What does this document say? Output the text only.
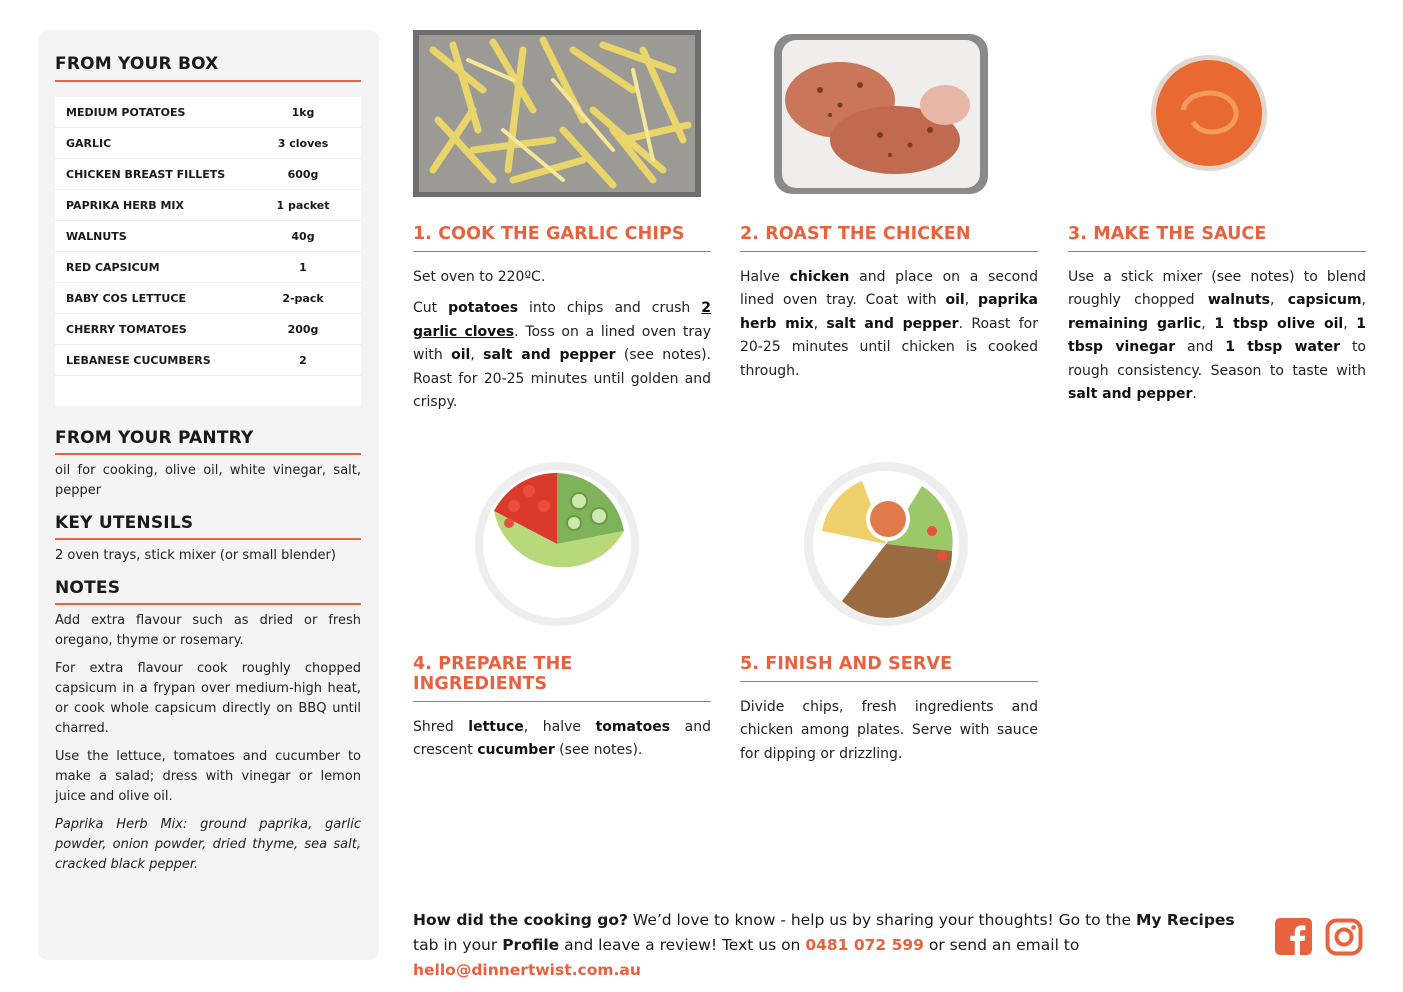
FROM YOUR BOX
MEDIUM POTATOES	1kg
GARLIC	3 cloves
CHICKEN BREAST FILLETS	600g
PAPRIKA HERB MIX	1 packet
WALNUTS	40g
RED CAPSICUM	1
BABY COS LETTUCE	2-pack
CHERRY TOMATOES	200g
LEBANESE CUCUMBERS	2
FROM YOUR PANTRY

oil for cooking, olive oil, white vinegar, salt, pepper

KEY UTENSILS

2 oven trays, stick mixer (or small blender)

NOTES

Add extra flavour such as dried or fresh oregano, thyme or rosemary.

For extra flavour cook roughly chopped capsicum in a frypan over medium-high heat, or cook whole capsicum directly on BBQ until charred.

Use the lettuce, tomatoes and cucumber to make a salad; dress with vinegar or lemon juice and olive oil.

Paprika Herb Mix: ground paprika, garlic powder, onion powder, dried thyme, sea salt, cracked black pepper.

1. COOK THE GARLIC CHIPS

Set oven to 220ºC.

Cut potatoes into chips and crush 2 garlic cloves. Toss on a lined oven tray with oil, salt and pepper (see notes). Roast for 20-25 minutes until golden and crispy.

2. ROAST THE CHICKEN

Halve chicken and place on a second lined oven tray. Coat with oil, paprika herb mix, salt and pepper. Roast for 20-25 minutes until chicken is cooked through.

3. MAKE THE SAUCE

Use a stick mixer (see notes) to blend roughly chopped walnuts, capsicum, remaining garlic, 1 tbsp olive oil, 1 tbsp vinegar and 1 tbsp water to rough consistency. Season to taste with salt and pepper.

4. PREPARE THE INGREDIENTS

Shred lettuce, halve tomatoes and crescent cucumber (see notes).

5. FINISH AND SERVE

Divide chips, fresh ingredients and chicken among plates. Serve with sauce for dipping or drizzling.

How did the cooking go? We’d love to know - help us by sharing your thoughts! Go to the My Recipes tab in your Profile and leave a review! Text us on 0481 072 599 or send an email to hello@dinnertwist.com.au
